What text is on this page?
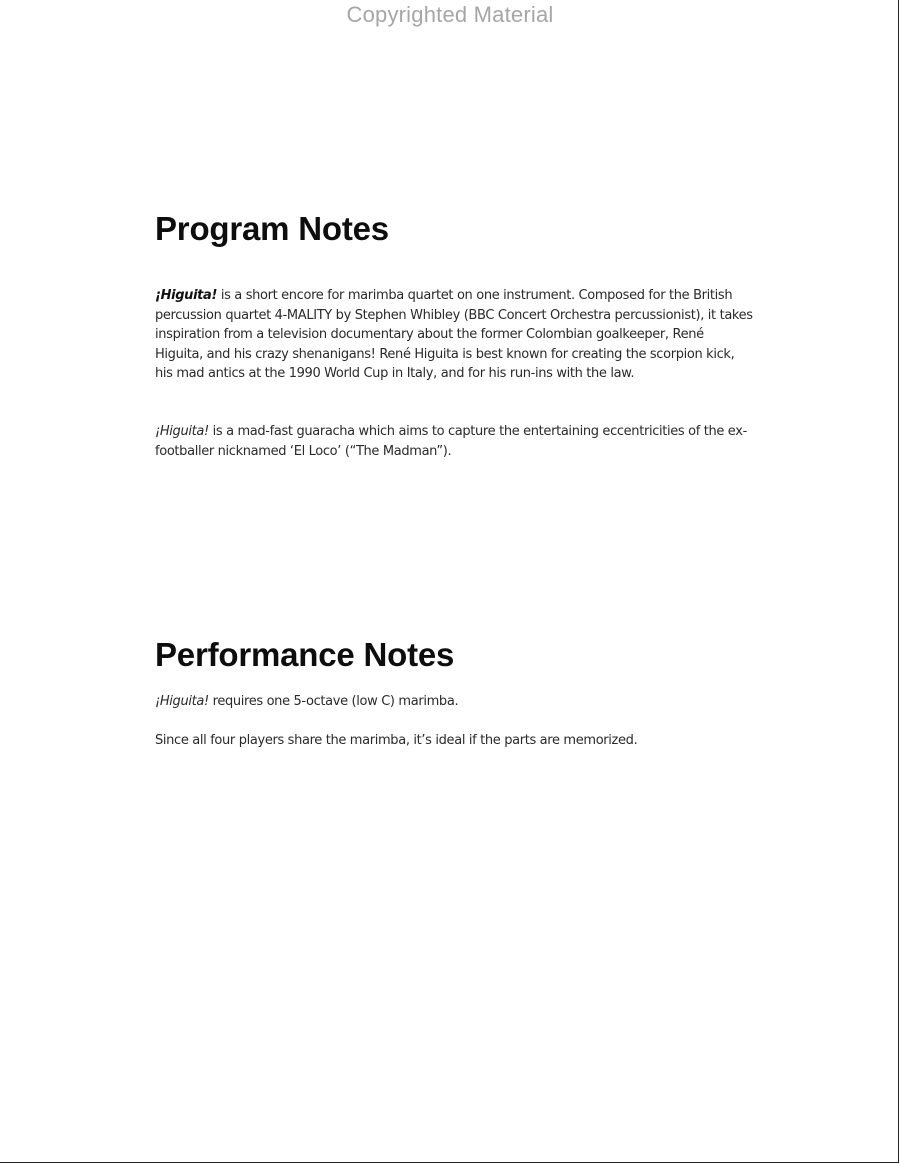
Copyrighted Material
Program Notes

¡Higuita! is a short encore for marimba quartet on one instrument. Composed for the British percussion quartet 4-MALITY by Stephen Whibley (BBC Concert Orchestra percussionist), it takes inspiration from a television documentary about the former Colombian goalkeeper, René Higuita, and his crazy shenanigans! René Higuita is best known for creating the scorpion kick, his mad antics at the 1990 World Cup in Italy, and for his run-ins with the law.

¡Higuita! is a mad-fast guaracha which aims to capture the entertaining eccentricities of the ex-footballer nicknamed ‘El Loco’ (“The Madman”).

Performance Notes

¡Higuita! requires one 5-octave (low C) marimba.

Since all four players share the marimba, it’s ideal if the parts are memorized.
